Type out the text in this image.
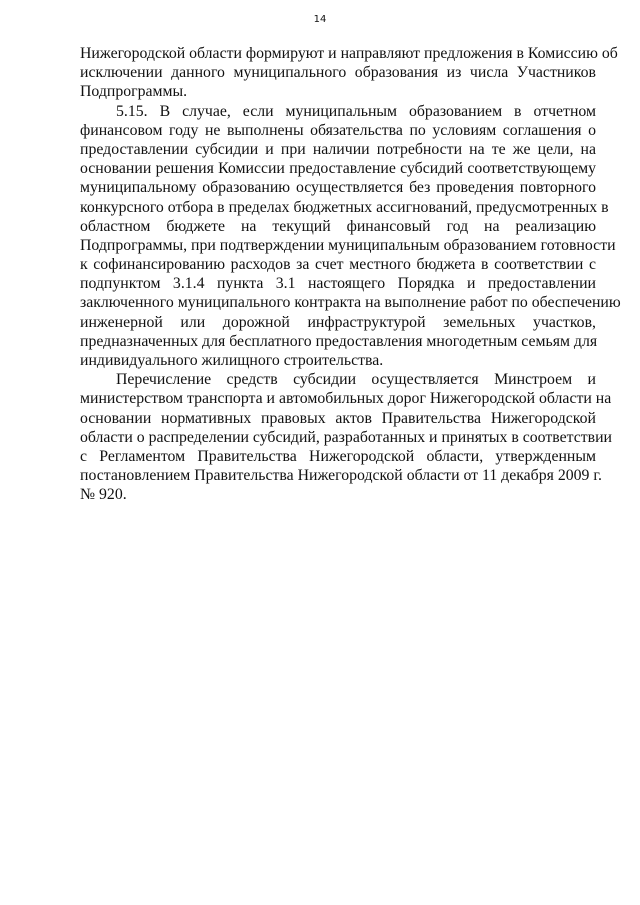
14
Нижегородской области формируют и направляют предложения в Комиссию об
исключении данного муниципального образования из числа Участников
Подпрограммы.
5.15. В случае, если муниципальным образованием в отчетном
финансовом году не выполнены обязательства по условиям соглашения о
предоставлении субсидии и при наличии потребности на те же цели, на
основании решения Комиссии предоставление субсидий соответствующему
муниципальному образованию осуществляется без проведения повторного
конкурсного отбора в пределах бюджетных ассигнований, предусмотренных в
областном бюджете на текущий финансовый год на реализацию
Подпрограммы, при подтверждении муниципальным образованием готовности
к софинансированию расходов за счет местного бюджета в соответствии с
подпунктом 3.1.4 пункта 3.1 настоящего Порядка и предоставлении
заключенного муниципального контракта на выполнение работ по обеспечению
инженерной или дорожной инфраструктурой земельных участков,
предназначенных для бесплатного предоставления многодетным семьям для
индивидуального жилищного строительства.
Перечисление средств субсидии осуществляется Минстроем и
министерством транспорта и автомобильных дорог Нижегородской области на
основании нормативных правовых актов Правительства Нижегородской
области о распределении субсидий, разработанных и принятых в соответствии
с Регламентом Правительства Нижегородской области, утвержденным
постановлением Правительства Нижегородской области от 11 декабря 2009 г.
№ 920.
